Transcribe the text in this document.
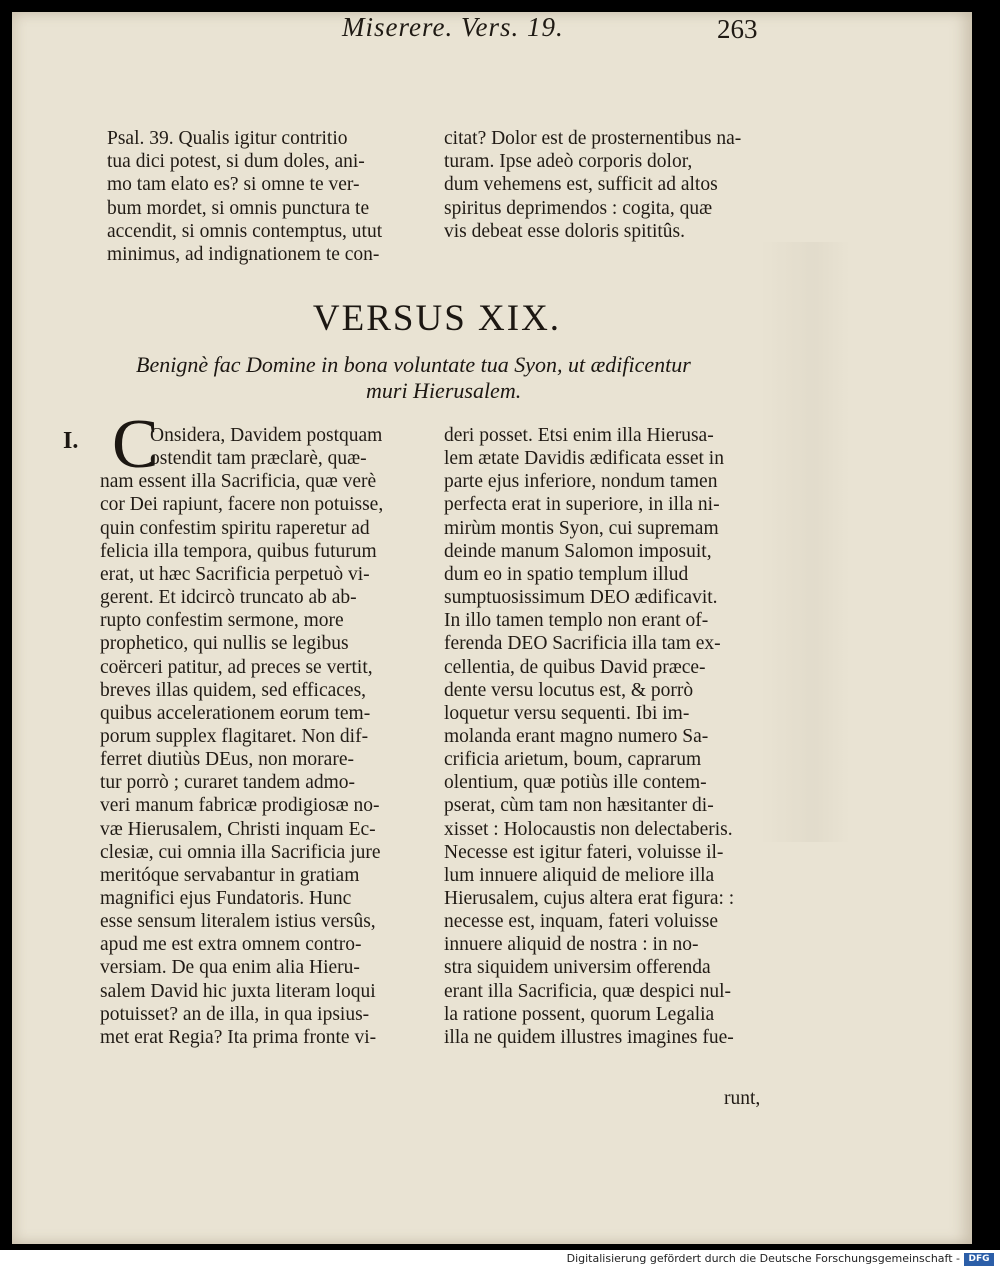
Miserere. Vers. 19.	263
Psal. 39. Qualis igitur contritio
tua dici potest, si dum doles, ani-
mo tam elato es? si omne te ver-
bum mordet, si omnis punctura te
accendit, si omnis contemptus, utut
minimus, ad indignationem te con-
citat? Dolor est de prosternentibus na-
turam. Ipse adeò corporis dolor,
dum vehemens est, sufficit ad altos
spiritus deprimendos : cogita, quæ
vis debeat esse doloris spititûs.
VERSUS XIX.
Benignè fac Domine in bona voluntate tua Syon, ut ædificentur
muri Hierusalem.
I. C
Onsidera, Davidem postquam
ostendit tam præclarè, quæ-
nam essent illa Sacrificia, quæ verè
cor Dei rapiunt, facere non potuisse,
quin confestim spiritu raperetur ad
felicia illa tempora, quibus futurum
erat, ut hæc Sacrificia perpetuò vi-
gerent. Et idcircò truncato ab ab-
rupto confestim sermone, more
prophetico, qui nullis se legibus
coërceri patitur, ad preces se vertit,
breves illas quidem, sed efficaces,
quibus accelerationem eorum tem-
porum supplex flagitaret. Non dif-
ferret diutiùs DEus, non morare-
tur porrò ; curaret tandem admo-
veri manum fabricæ prodigiosæ no-
væ Hierusalem, Christi inquam Ec-
clesiæ, cui omnia illa Sacrificia jure
meritóque servabantur in gratiam
magnifici ejus Fundatoris. Hunc
esse sensum literalem istius versûs,
apud me est extra omnem contro-
versiam. De qua enim alia Hieru-
salem David hic juxta literam loqui
potuisset? an de illa, in qua ipsius-
met erat Regia? Ita prima fronte vi-
deri posset. Etsi enim illa Hierusa-
lem ætate Davidis ædificata esset in
parte ejus inferiore, nondum tamen
perfecta erat in superiore, in illa ni-
mirùm montis Syon, cui supremam
deinde manum Salomon imposuit,
dum eo in spatio templum illud
sumptuosissimum DEO ædificavit.
In illo tamen templo non erant of-
ferenda DEO Sacrificia illa tam ex-
cellentia, de quibus David præce-
dente versu locutus est, & porrò
loquetur versu sequenti. Ibi im-
molanda erant magno numero Sa-
crificia arietum, boum, caprarum
olentium, quæ potiùs ille contem-
pserat, cùm tam non hæsitanter di-
xisset : Holocaustis non delectaberis.
Necesse est igitur fateri, voluisse il-
lum innuere aliquid de meliore illa
Hierusalem, cujus altera erat figura: :
necesse est, inquam, fateri voluisse
innuere aliquid de nostra : in no-
stra siquidem universim offerenda
erant illa Sacrificia, quæ despici nul-
la ratione possent, quorum Legalia
illa ne quidem illustres imagines fue-
runt,
Digitalisierung gefördert durch die Deutsche Forschungsgemeinschaft - DFG
